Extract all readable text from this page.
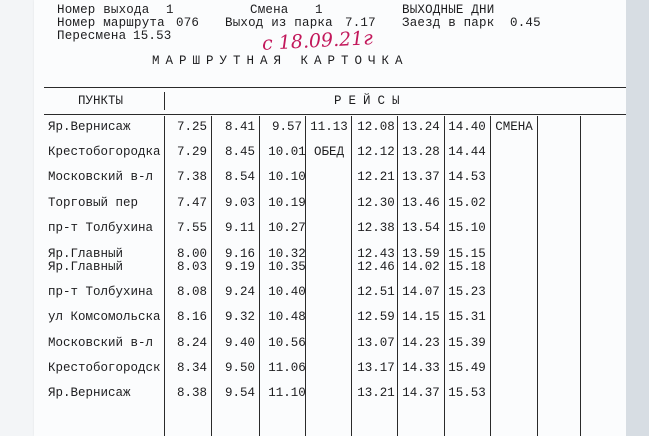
Номер выхода 1	Смена 1	ВЫХОДНЫЕ ДНИ
Номер маршрута 076 Выход из парка 7.17 Заезд в парк 0.45
Пересмена 15.53	с 18.09.21г
МАРШРУТНАЯ КАРТОЧКА
ПУНКТЫ	РЕЙСЫ
Яр.Вернисаж	7.25	8.41	9.57 11.13 12.08 13.24 14.40 СМЕНА
Крестобогородка	7.29	8.45	10.01 ОБЕД	12.12 13.28 14.44
Московский в-л	7.38	8.54	10.10	12.21 13.37 14.53
Торговый пер	7.47	9.03	10.19	12.30 13.46 15.02
пр-т Толбухина	7.55	9.11	10.27	12.38 13.54 15.10
Яр.Главный	8.00	9.16	10.32	12.43 13.59 15.15
Яр.Главный	8.03	9.19	10.35	12.46 14.02 15.18
пр-т Толбухина	8.08	9.24	10.40	12.51 14.07 15.23
ул Комсомольска	8.16	9.32	10.48	12.59 14.15 15.31
Московский в-л	8.24	9.40	10.56	13.07 14.23 15.39
Крестобогородск	8.34	9.50	11.06	13.17 14.33 15.49
Яр.Вернисаж	8.38	9.54	11.10	13.21 14.37 15.53
